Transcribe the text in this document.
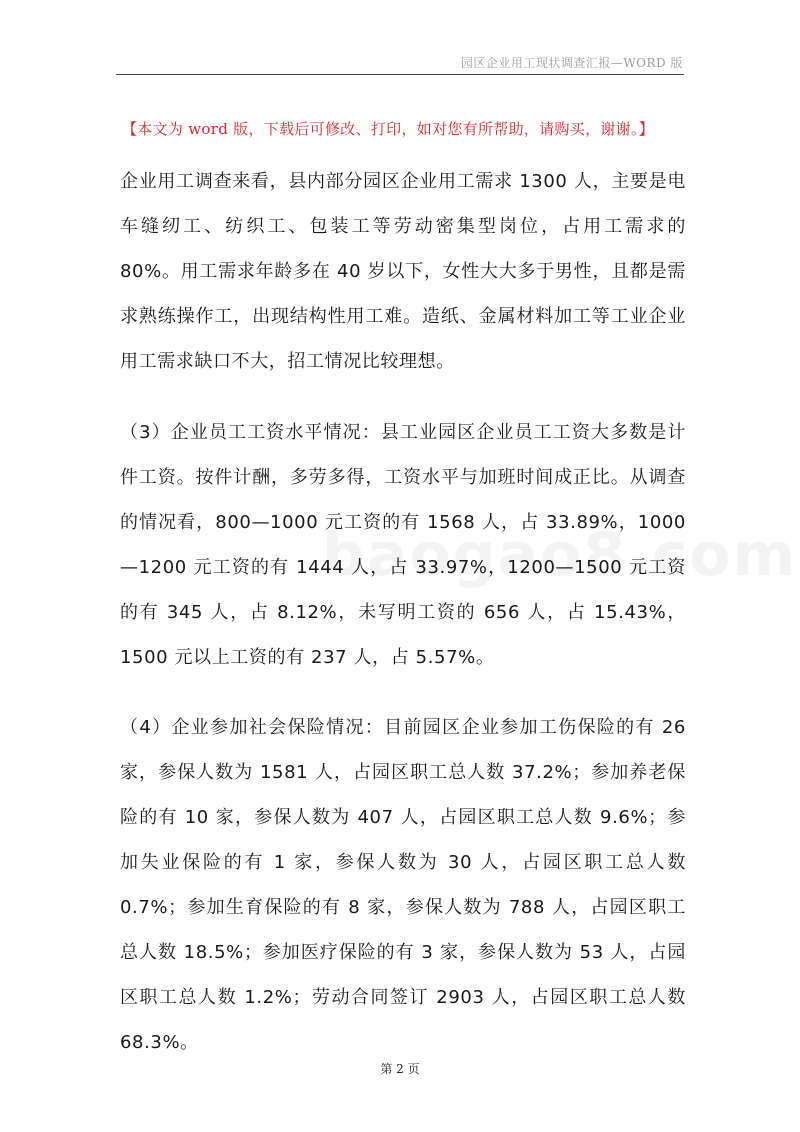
园区企业用工现状调查汇报—WORD 版
【本文为 word 版，下载后可修改、打印，如对您有所帮助，请购买，谢谢。】

企业用工调查来看，县内部分园区企业用工需求 1300 人，主要是电车缝纫工、纺织工、包装工等劳动密集型岗位，占用工需求的 80%。用工需求年龄多在 40 岁以下，女性大大多于男性，且都是需求熟练操作工，出现结构性用工难。造纸、金属材料加工等工业企业用工需求缺口不大，招工情况比较理想。

（3）企业员工工资水平情况：县工业园区企业员工工资大多数是计件工资。按件计酬，多劳多得，工资水平与加班时间成正比。从调查的情况看，800—1000 元工资的有 1568 人，占 33.89%，1000—1200 元工资的有 1444 人，占 33.97%，1200—1500 元工资的有 345 人，占 8.12%，未写明工资的 656 人，占 15.43%，1500 元以上工资的有 237 人，占 5.57%。

（4）企业参加社会保险情况：目前园区企业参加工伤保险的有 26 家，参保人数为 1581 人，占园区职工总人数 37.2%；参加养老保险的有 10 家，参保人数为 407 人，占园区职工总人数 9.6%；参加失业保险的有 1 家，参保人数为 30 人，占园区职工总人数 0.7%；参加生育保险的有 8 家，参保人数为 788 人，占园区职工总人数 18.5%；参加医疗保险的有 3 家，参保人数为 53 人，占园区职工总人数 1.2%；劳动合同签订 2903 人，占园区职工总人数 68.3%。

第 2 页
